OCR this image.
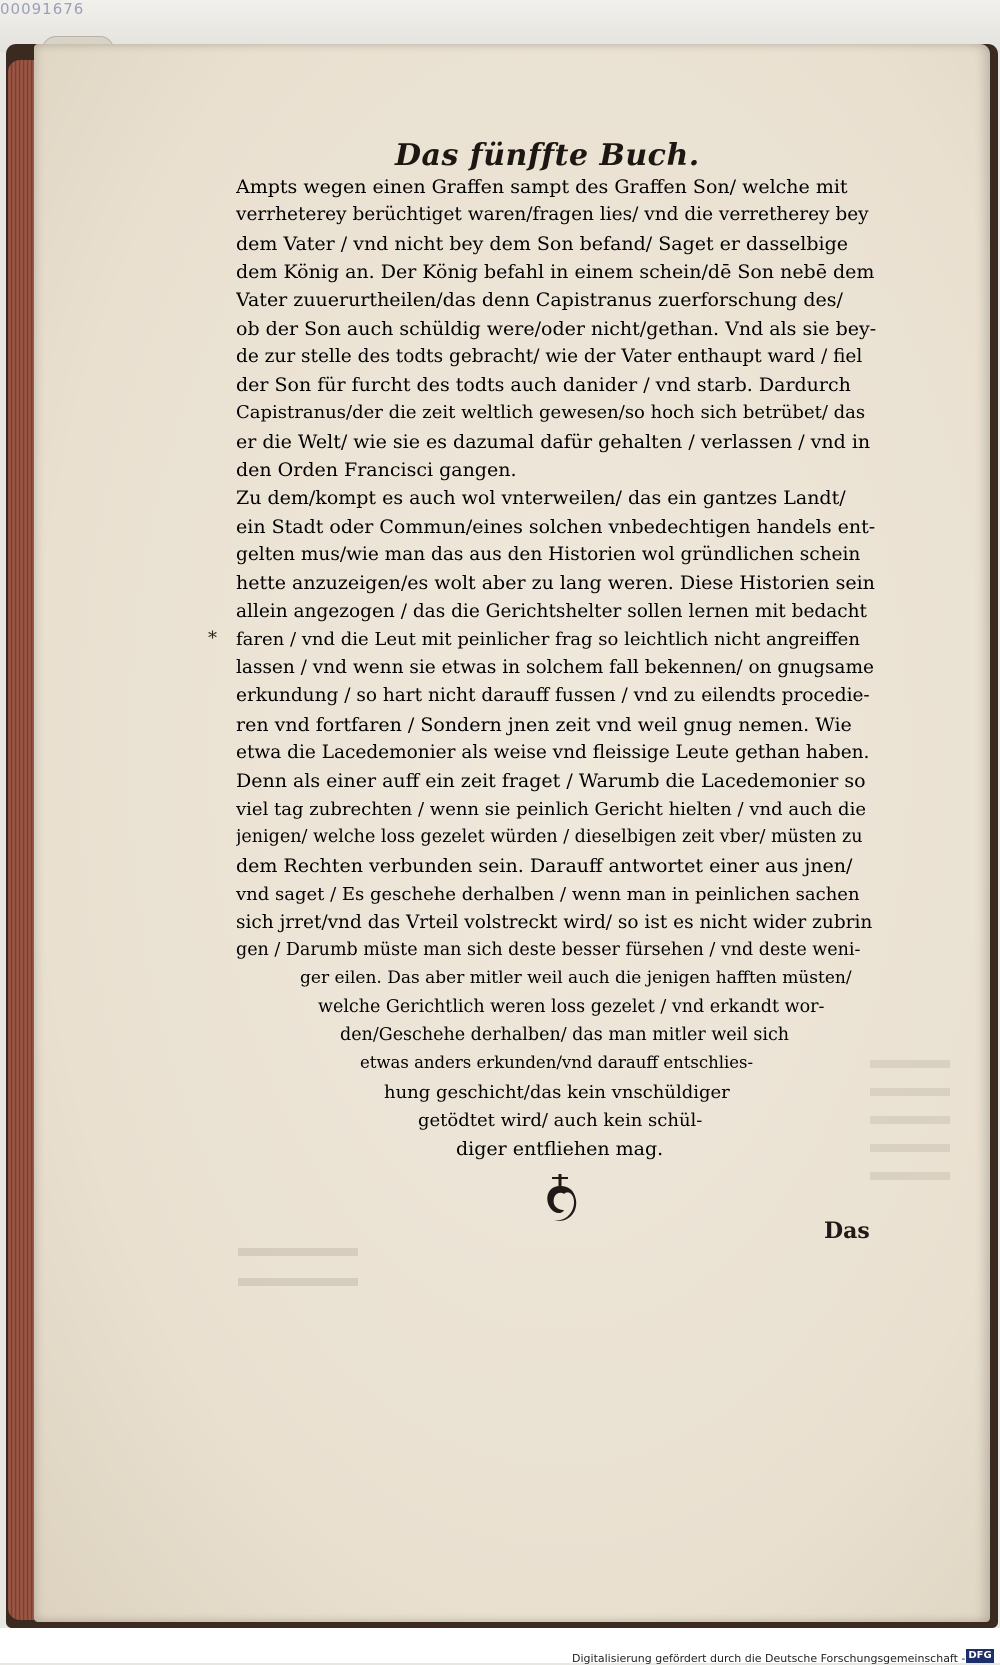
00091676
Das fünffte Buch.
*
Ampts wegen einen Graffen sampt des Graffen Son/ welche mit
verrheterey berüchtiget waren/fragen lies/ vnd die verretherey bey
dem Vater / vnd nicht bey dem Son befand/ Saget er dasselbige
dem König an. Der König befahl in einem schein/dē Son nebē dem
Vater zuuerurtheilen/das denn Capistranus zuerforschung des/
ob der Son auch schüldig were/oder nicht/gethan. Vnd als sie bey-
de zur stelle des todts gebracht/ wie der Vater enthaupt ward / fiel
der Son für furcht des todts auch danider / vnd starb. Dardurch
Capistranus/der die zeit weltlich gewesen/so hoch sich betrübet/ das
er die Welt/ wie sie es dazumal dafür gehalten / verlassen / vnd in
den Orden Francisci gangen.
Zu dem/kompt es auch wol vnterweilen/ das ein gantzes Landt/
ein Stadt oder Commun/eines solchen vnbedechtigen handels ent-
gelten mus/wie man das aus den Historien wol gründlichen schein
hette anzuzeigen/es wolt aber zu lang weren. Diese Historien sein
allein angezogen / das die Gerichtshelter sollen lernen mit bedacht
faren / vnd die Leut mit peinlicher frag so leichtlich nicht angreiffen
lassen / vnd wenn sie etwas in solchem fall bekennen/ on gnugsame
erkundung / so hart nicht darauff fussen / vnd zu eilendts procedie-
ren vnd fortfaren / Sondern jnen zeit vnd weil gnug nemen. Wie
etwa die Lacedemonier als weise vnd fleissige Leute gethan haben.
Denn als einer auff ein zeit fraget / Warumb die Lacedemonier so
viel tag zubrechten / wenn sie peinlich Gericht hielten / vnd auch die
jenigen/ welche loss gezelet würden / dieselbigen zeit vber/ müsten zu
dem Rechten verbunden sein. Darauff antwortet einer aus jnen/
vnd saget / Es geschehe derhalben / wenn man in peinlichen sachen
sich jrret/vnd das Vrteil volstreckt wird/ so ist es nicht wider zubrin
gen / Darumb müste man sich deste besser fürsehen / vnd deste weni-
ger eilen. Das aber mitler weil auch die jenigen hafften müsten/
welche Gerichtlich weren loss gezelet / vnd erkandt wor-
den/Geschehe derhalben/ das man mitler weil sich
etwas anders erkunden/vnd darauff entschlies-
hung geschicht/das kein vnschüldiger
getödtet wird/ auch kein schül-
diger entfliehen mag.
Das
Digitalisierung gefördert durch die Deutsche Forschungsgemeinschaft - DFG
